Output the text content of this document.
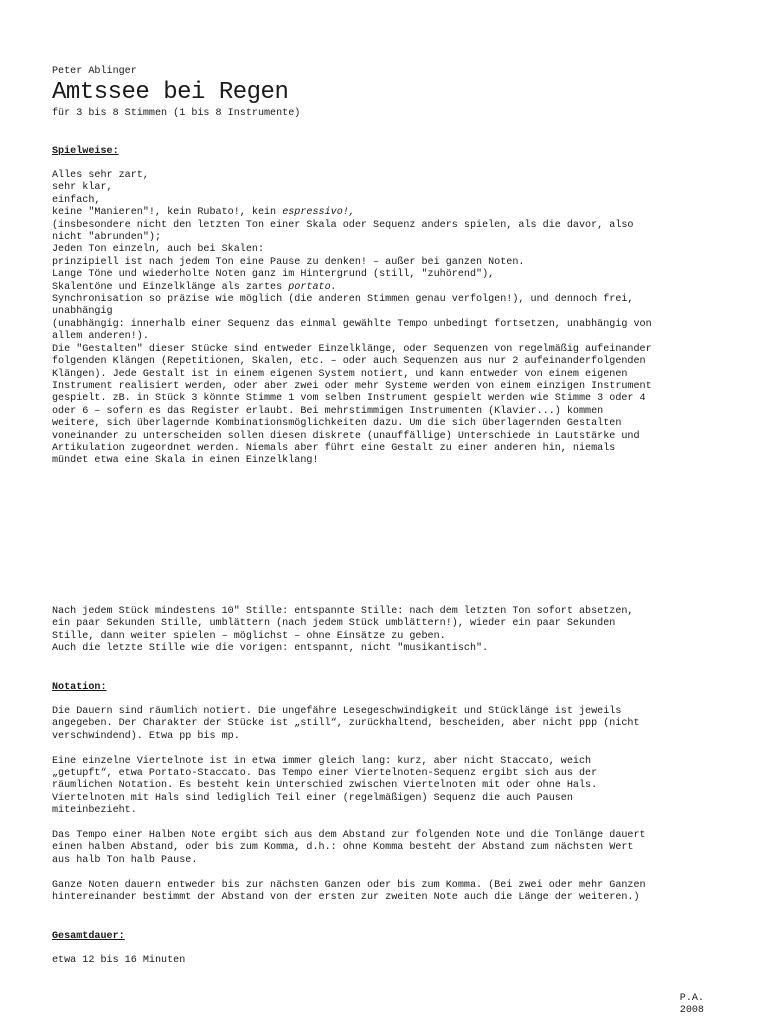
Peter Ablinger
Amtssee bei Regen
für 3 bis 8 Stimmen (1 bis 8 Instrumente)
Spielweise:
Alles sehr zart,
sehr klar,
einfach,
keine "Manieren"!, kein Rubato!, kein espressivo!,
(insbesondere nicht den letzten Ton einer Skala oder Sequenz anders spielen, als die davor, also
nicht "abrunden");
Jeden Ton einzeln, auch bei Skalen:
prinzipiell ist nach jedem Ton eine Pause zu denken! – außer bei ganzen Noten.
Lange Töne und wiederholte Noten ganz im Hintergrund (still, "zuhörend"),
Skalentöne und Einzelklänge als zartes portato.
Synchronisation so präzise wie möglich (die anderen Stimmen genau verfolgen!), und dennoch frei,
unabhängig
(unabhängig: innerhalb einer Sequenz das einmal gewählte Tempo unbedingt fortsetzen, unabhängig von
allem anderen!).
Die "Gestalten" dieser Stücke sind entweder Einzelklänge, oder Sequenzen von regelmäßig aufeinander
folgenden Klängen (Repetitionen, Skalen, etc. – oder auch Sequenzen aus nur 2 aufeinanderfolgenden
Klängen). Jede Gestalt ist in einem eigenen System notiert, und kann entweder von einem eigenen
Instrument realisiert werden, oder aber zwei oder mehr Systeme werden von einem einzigen Instrument
gespielt. zB. in Stück 3 könnte Stimme 1 vom selben Instrument gespielt werden wie Stimme 3 oder 4
oder 6 – sofern es das Register erlaubt. Bei mehrstimmigen Instrumenten (Klavier...) kommen
weitere, sich überlagernde Kombinationsmöglichkeiten dazu. Um die sich überlagernden Gestalten
voneinander zu unterscheiden sollen diesen diskrete (unauffällige) Unterschiede in Lautstärke und
Artikulation zugeordnet werden. Niemals aber führt eine Gestalt zu einer anderen hin, niemals
mündet etwa eine Skala in einen Einzelklang!
Nach jedem Stück mindestens 10" Stille: entspannte Stille: nach dem letzten Ton sofort absetzen,
ein paar Sekunden Stille, umblättern (nach jedem Stück umblättern!), wieder ein paar Sekunden
Stille, dann weiter spielen – möglichst – ohne Einsätze zu geben.
Auch die letzte Stille wie die vorigen: entspannt, nicht "musikantisch".
Notation:
Die Dauern sind räumlich notiert. Die ungefähre Lesegeschwindigkeit und Stücklänge ist jeweils
angegeben. Der Charakter der Stücke ist „still“, zurückhaltend, bescheiden, aber nicht ppp (nicht
verschwindend). Etwa pp bis mp.
Eine einzelne Viertelnote ist in etwa immer gleich lang: kurz, aber nicht Staccato, weich
„getupft“, etwa Portato-Staccato. Das Tempo einer Viertelnoten-Sequenz ergibt sich aus der
räumlichen Notation. Es besteht kein Unterschied zwischen Viertelnoten mit oder ohne Hals.
Viertelnoten mit Hals sind lediglich Teil einer (regelmäßigen) Sequenz die auch Pausen
miteinbezieht.
Das Tempo einer Halben Note ergibt sich aus dem Abstand zur folgenden Note und die Tonlänge dauert
einen halben Abstand, oder bis zum Komma, d.h.: ohne Komma besteht der Abstand zum nächsten Wert
aus halb Ton halb Pause.
Ganze Noten dauern entweder bis zur nächsten Ganzen oder bis zum Komma. (Bei zwei oder mehr Ganzen
hintereinander bestimmt der Abstand von der ersten zur zweiten Note auch die Länge der weiteren.)
Gesamtdauer:
etwa 12 bis 16 Minuten
P.A.
2008
